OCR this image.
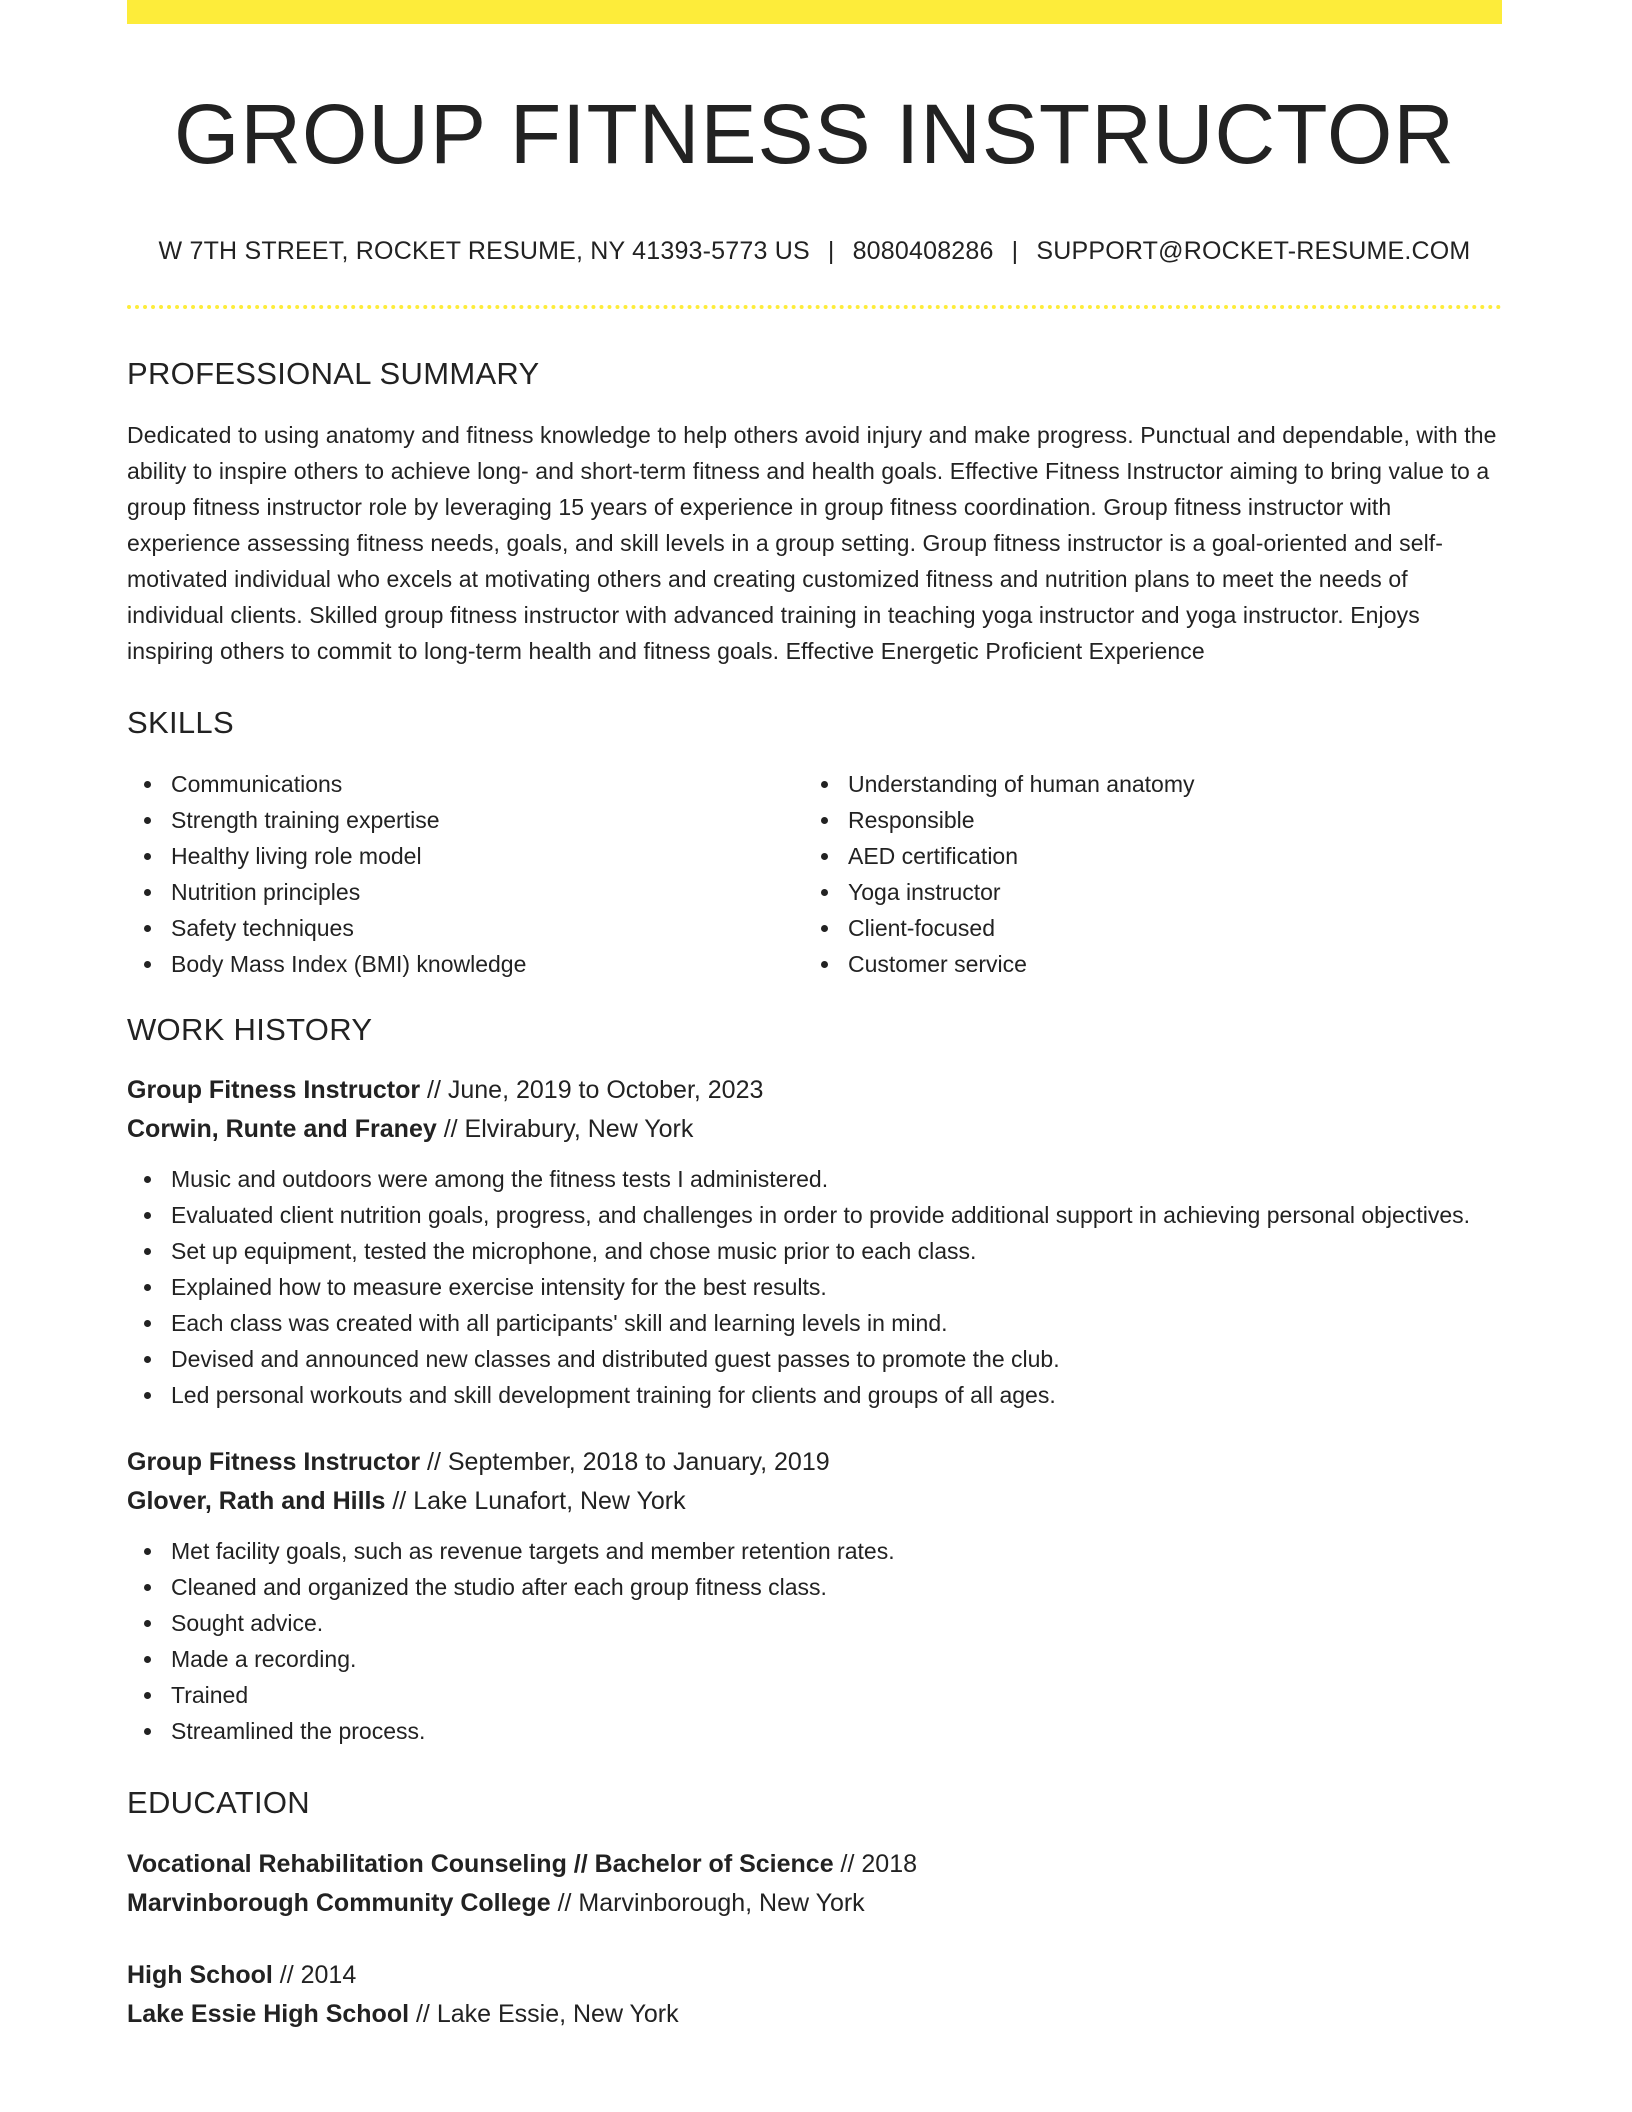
GROUP FITNESS INSTRUCTOR
W 7TH STREET, ROCKET RESUME, NY 41393-5773 US | 8080408286 | SUPPORT@ROCKET-RESUME.COM
PROFESSIONAL SUMMARY

Dedicated to using anatomy and fitness knowledge to help others avoid injury and make progress. Punctual and dependable, with the ability to inspire others to achieve long- and short-term fitness and health goals. Effective Fitness Instructor aiming to bring value to a group fitness instructor role by leveraging 15 years of experience in group fitness coordination. Group fitness instructor with experience assessing fitness needs, goals, and skill levels in a group setting. Group fitness instructor is a goal-oriented and self-motivated individual who excels at motivating others and creating customized fitness and nutrition plans to meet the needs of individual clients. Skilled group fitness instructor with advanced training in teaching yoga instructor and yoga instructor. Enjoys inspiring others to commit to long-term health and fitness goals. Effective Energetic Proficient Experience

SKILLS
Communications
Strength training expertise
Healthy living role model
Nutrition principles
Safety techniques
Body Mass Index (BMI) knowledge
Understanding of human anatomy
Responsible
AED certification
Yoga instructor
Client-focused
Customer service
WORK HISTORY
Group Fitness Instructor // June, 2019 to October, 2023
Corwin, Runte and Franey // Elvirabury, New York
Music and outdoors were among the fitness tests I administered.
Evaluated client nutrition goals, progress, and challenges in order to provide additional support in achieving personal objectives.
Set up equipment, tested the microphone, and chose music prior to each class.
Explained how to measure exercise intensity for the best results.
Each class was created with all participants' skill and learning levels in mind.
Devised and announced new classes and distributed guest passes to promote the club.
Led personal workouts and skill development training for clients and groups of all ages.
Group Fitness Instructor // September, 2018 to January, 2019
Glover, Rath and Hills // Lake Lunafort, New York
Met facility goals, such as revenue targets and member retention rates.
Cleaned and organized the studio after each group fitness class.
Sought advice.
Made a recording.
Trained
Streamlined the process.
EDUCATION
Vocational Rehabilitation Counseling // Bachelor of Science // 2018
Marvinborough Community College // Marvinborough, New York
High School // 2014
Lake Essie High School // Lake Essie, New York
